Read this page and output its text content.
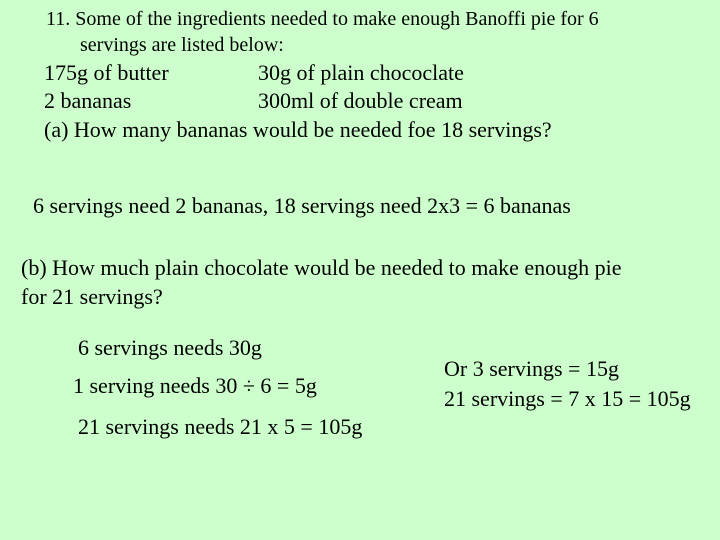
11. Some of the ingredients needed to make enough Banoffi pie for 6
servings are listed below:
175g of butter	30g of plain chococlate
2 bananas	300ml of double cream
(a) How many bananas would be needed foe 18 servings?
6 servings need 2 bananas, 18 servings need 2x3 = 6 bananas
(b) How much plain chocolate would be needed to make enough pie
for 21 servings?
6 servings needs 30g
1 serving needs 30 ÷ 6 = 5g
21 servings needs 21 x 5 = 105g
Or 3 servings = 15g
21 servings = 7 x 15 = 105g
